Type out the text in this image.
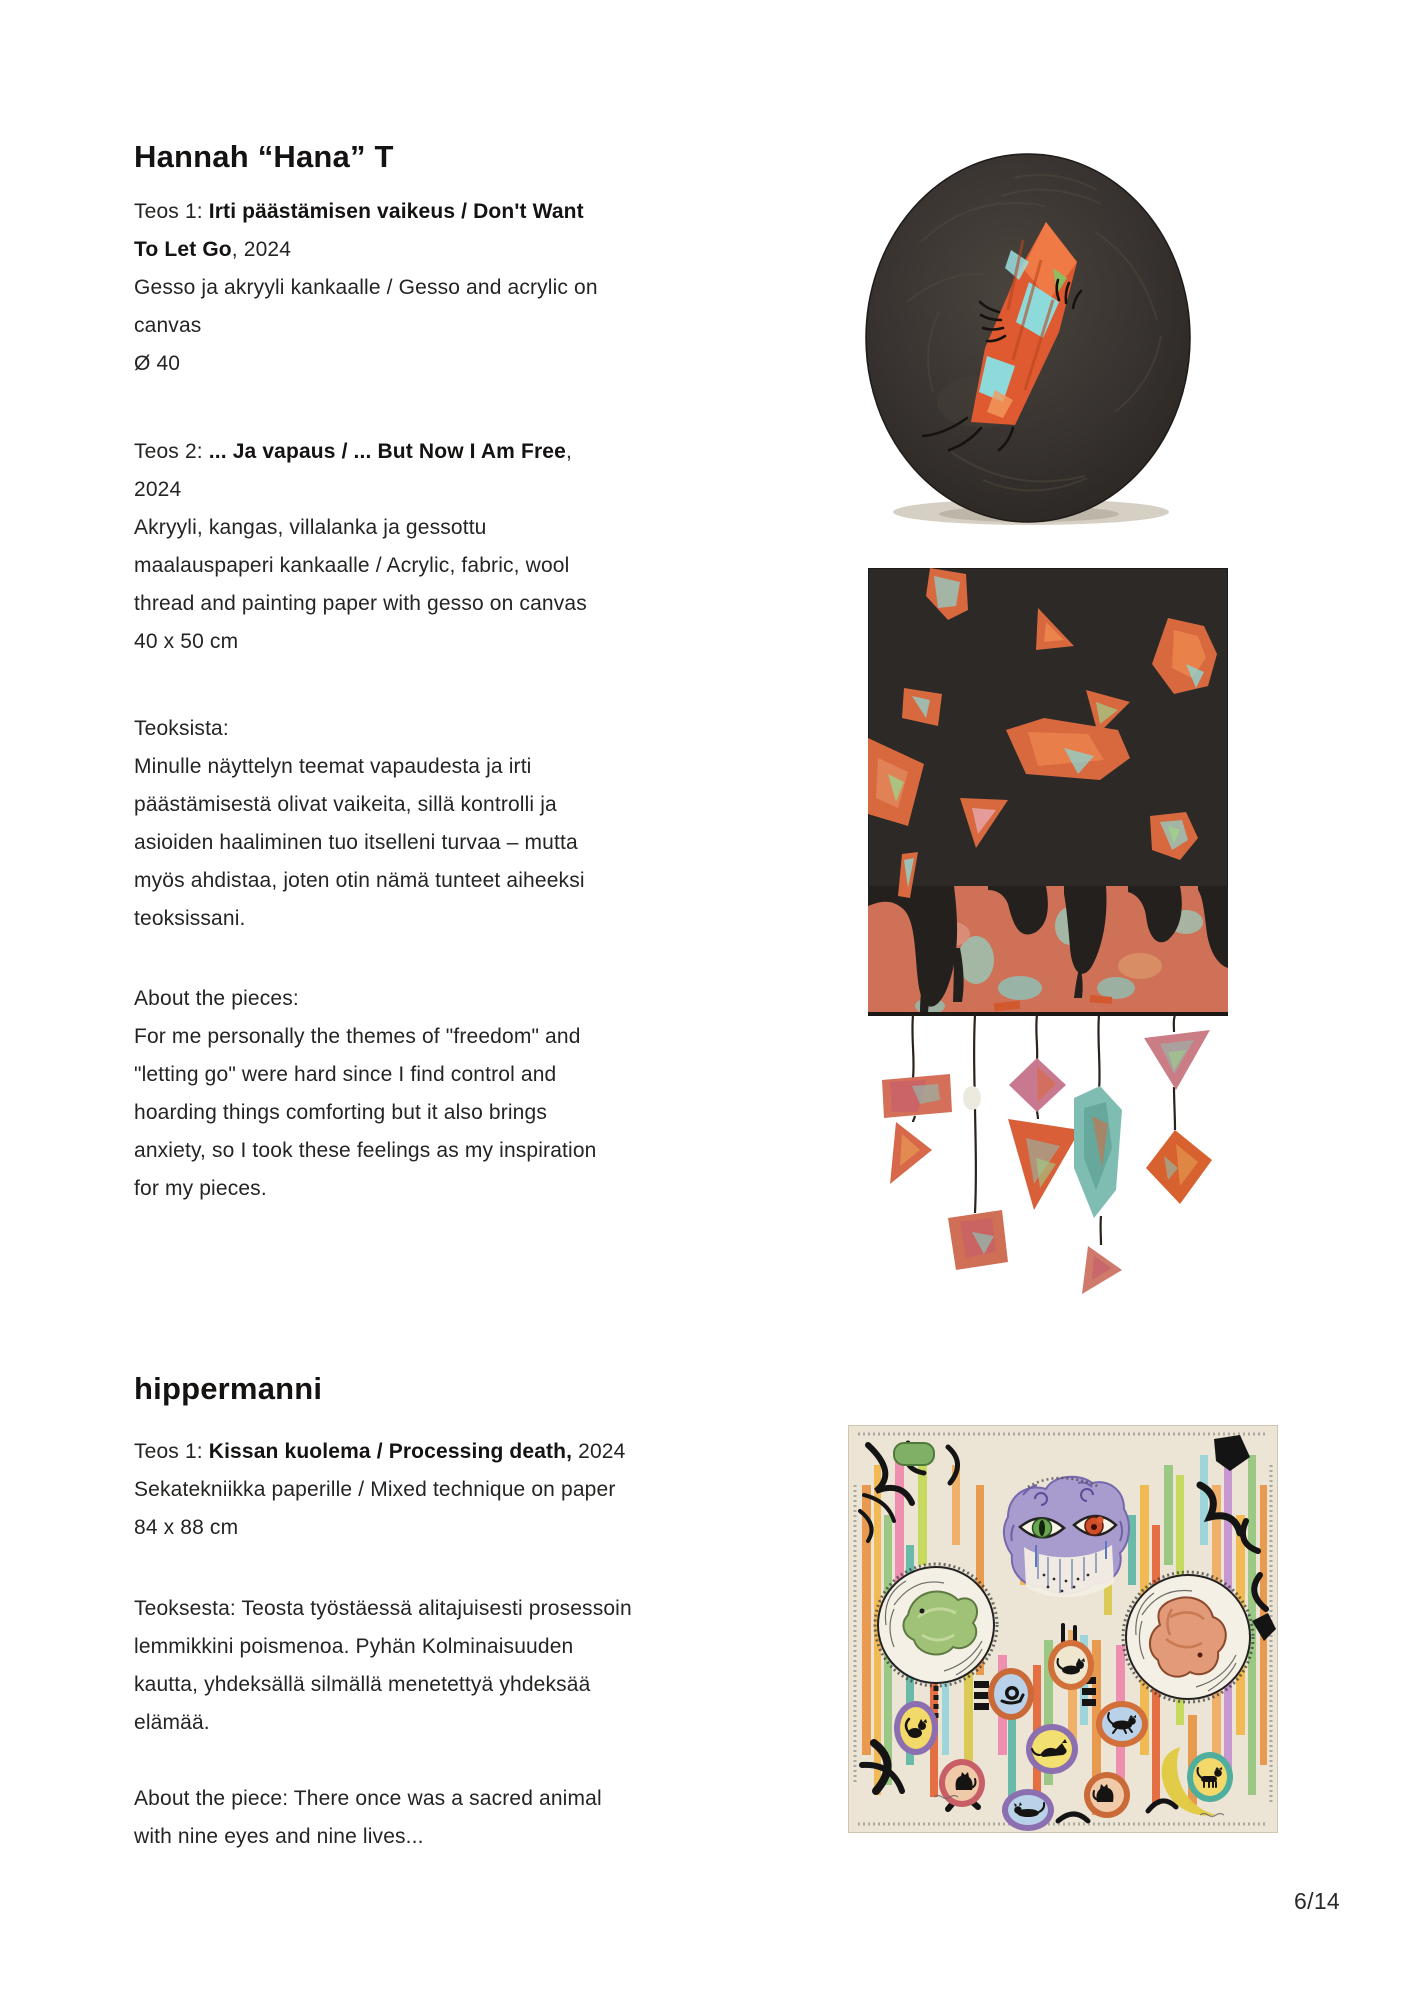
Hannah “Hana” T
Teos 1: Irti päästämisen vaikeus / Don't Want
To Let Go, 2024
Gesso ja akryyli kankaalle / Gesso and acrylic on
canvas
Ø 40
Teos 2: ... Ja vapaus / ... But Now I Am Free,
2024
Akryyli, kangas, villalanka ja gessottu
maalauspaperi kankaalle / Acrylic, fabric, wool
thread and painting paper with gesso on canvas
40 x 50 cm
Teoksista:
Minulle näyttelyn teemat vapaudesta ja irti
päästämisestä olivat vaikeita, sillä kontrolli ja
asioiden haaliminen tuo itselleni turvaa – mutta
myös ahdistaa, joten otin nämä tunteet aiheeksi
teoksissani.
About the pieces:
For me personally the themes of "freedom" and
"letting go" were hard since I find control and
hoarding things comforting but it also brings
anxiety, so I took these feelings as my inspiration
for my pieces.
hippermanni
Teos 1: Kissan kuolema / Processing death, 2024
Sekatekniikka paperille / Mixed technique on paper
84 x 88 cm
Teoksesta: Teosta työstäessä alitajuisesti prosessoin
lemmikkini poismenoa. Pyhän Kolminaisuuden
kautta, yhdeksällä silmällä menetettyä yhdeksää
elämää.
About the piece: There once was a sacred animal
with nine eyes and nine lives...
6/14
